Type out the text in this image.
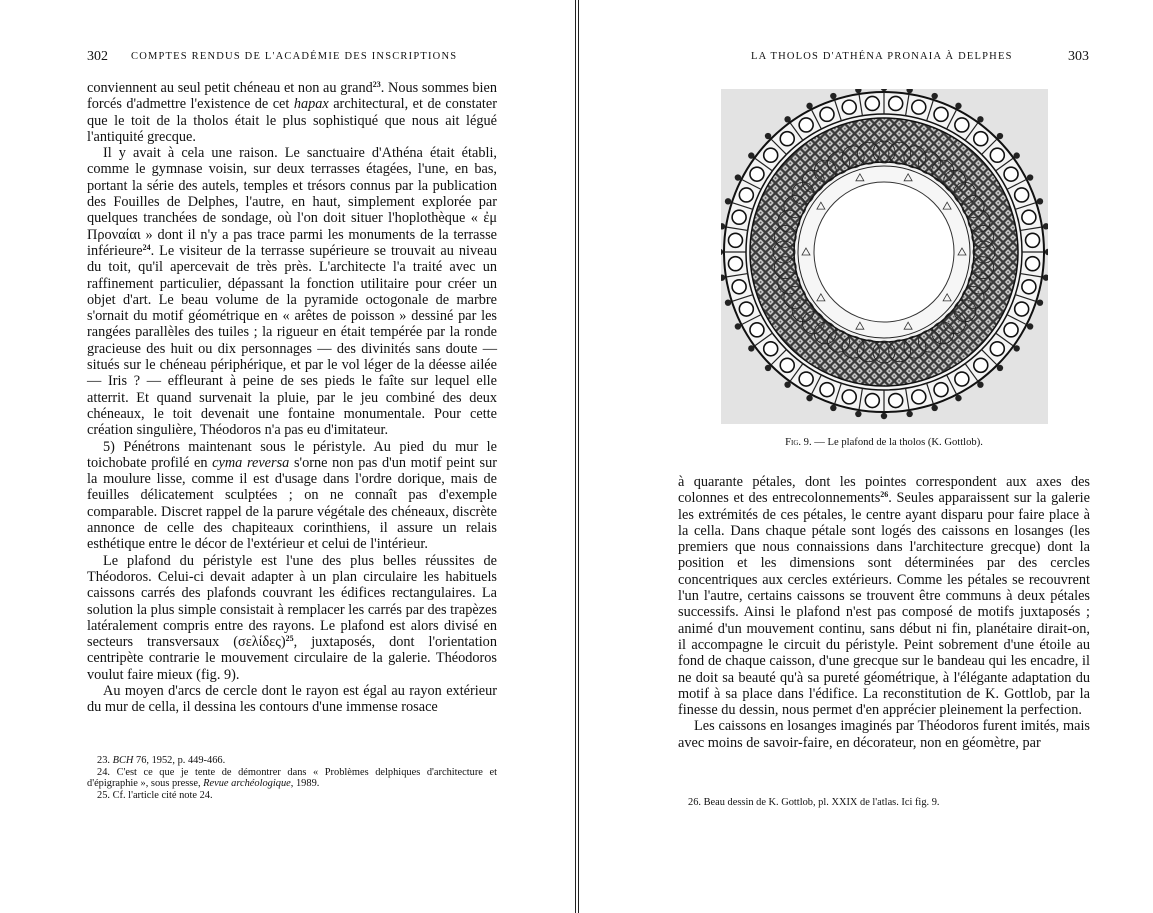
302 COMPTES RENDUS DE L'ACADÉMIE DES INSCRIPTIONS

conviennent au seul petit chéneau et non au grand$^{23}$. Nous sommes bien forcés d'admettre l'existence de cet hapax architectural, et de constater que le toit de la tholos était le plus sophistiqué que nous ait légué l'antiquité grecque.

Il y avait à cela une raison. Le sanctuaire d'Athéna était établi, comme le gymnase voisin, sur deux terrasses étagées, l'une, en bas, portant la série des autels, temples et trésors connus par la publication des Fouilles de Delphes, l'autre, en haut, simplement explorée par quelques tranchées de sondage, où l'on doit situer l'hoplothèque « ἐμ Προναίαι » dont il n'y a pas trace parmi les monuments de la terrasse inférieure$^{24}$. Le visiteur de la terrasse supérieure se trouvait au niveau du toit, qu'il apercevait de très près. L'architecte l'a traité avec un raffinement particulier, dépassant la fonction utilitaire pour créer un objet d'art. Le beau volume de la pyramide octogonale de marbre s'ornait du motif géométrique en « arêtes de poisson » dessiné par les rangées parallèles des tuiles ; la rigueur en était tempérée par la ronde gracieuse des huit ou dix personnages — des divinités sans doute — situés sur le chéneau périphérique, et par le vol léger de la déesse ailée — Iris ? — effleurant à peine de ses pieds le faîte sur lequel elle atterrit. Et quand survenait la pluie, par le jeu combiné des deux chéneaux, le toit devenait une fontaine monumentale. Pour cette création singulière, Théodoros n'a pas eu d'imitateur.

5) Pénétrons maintenant sous le péristyle. Au pied du mur le toichobate profilé en cyma reversa s'orne non pas d'un motif peint sur la moulure lisse, comme il est d'usage dans l'ordre dorique, mais de feuilles délicatement sculptées ; on ne connaît pas d'exemple comparable. Discret rappel de la parure végétale des chéneaux, discrète annonce de celle des chapiteaux corinthiens, il assure un relais esthétique entre le décor de l'extérieur et celui de l'intérieur.

Le plafond du péristyle est l'une des plus belles réussites de Théodoros. Celui-ci devait adapter à un plan circulaire les habituels caissons carrés des plafonds couvrant les édifices rectangulaires. La solution la plus simple consistait à remplacer les carrés par des trapèzes latéralement compris entre des rayons. Le plafond est alors divisé en secteurs transversaux $(\sigma\varepsilon\lambda ί\delta\varepsilon\varsigma)^{25}$, juxtaposés, dont l'orientation centripète contrarie le mouvement circulaire de la galerie. Théodoros voulut faire mieux (fig. 9).

Au moyen d'arcs de cercle dont le rayon est égal au rayon extérieur du mur de cella, il dessina les contours d'une immense rosace

23. BCH 76, 1952, p. 449-466.

24. C'est ce que je tente de démontrer dans « Problèmes delphiques d'architecture et d'épigraphie », sous presse, Revue archéologique, 1989.

25. Cf. l'article cité note 24.

LA THOLOS D'ATHÉNA PRONAIA À DELPHES	303
Fig. 9. — Le plafond de la tholos (K. Gottlob).

à quarante pétales, dont les pointes correspondent aux axes des colonnes et des entrecolonnements$^{26}$. Seules apparaissent sur la galerie les extrémités de ces pétales, le centre ayant disparu pour faire place à la cella. Dans chaque pétale sont logés des caissons en losanges (les premiers que nous connaissions dans l'architecture grecque) dont la position et les dimensions sont déterminées par des cercles concentriques aux cercles extérieurs. Comme les pétales se recouvrent l'un l'autre, certains caissons se trouvent être communs à deux pétales successifs. Ainsi le plafond n'est pas composé de motifs juxtaposés ; animé d'un mouvement continu, sans début ni fin, planétaire dirait-on, il accompagne le circuit du péristyle. Peint sobrement d'une étoile au fond de chaque caisson, d'une grecque sur le bandeau qui les encadre, il ne doit sa beauté qu'à sa pureté géométrique, à l'élégante adaptation du motif à sa place dans l'édifice. La reconstitution de K. Gottlob, par la finesse du dessin, nous permet d'en apprécier pleinement la perfection.

Les caissons en losanges imaginés par Théodoros furent imités, mais avec moins de savoir-faire, en décorateur, non en géomètre, par

26. Beau dessin de K. Gottlob, pl. XXIX de l'atlas. Ici fig. 9.
